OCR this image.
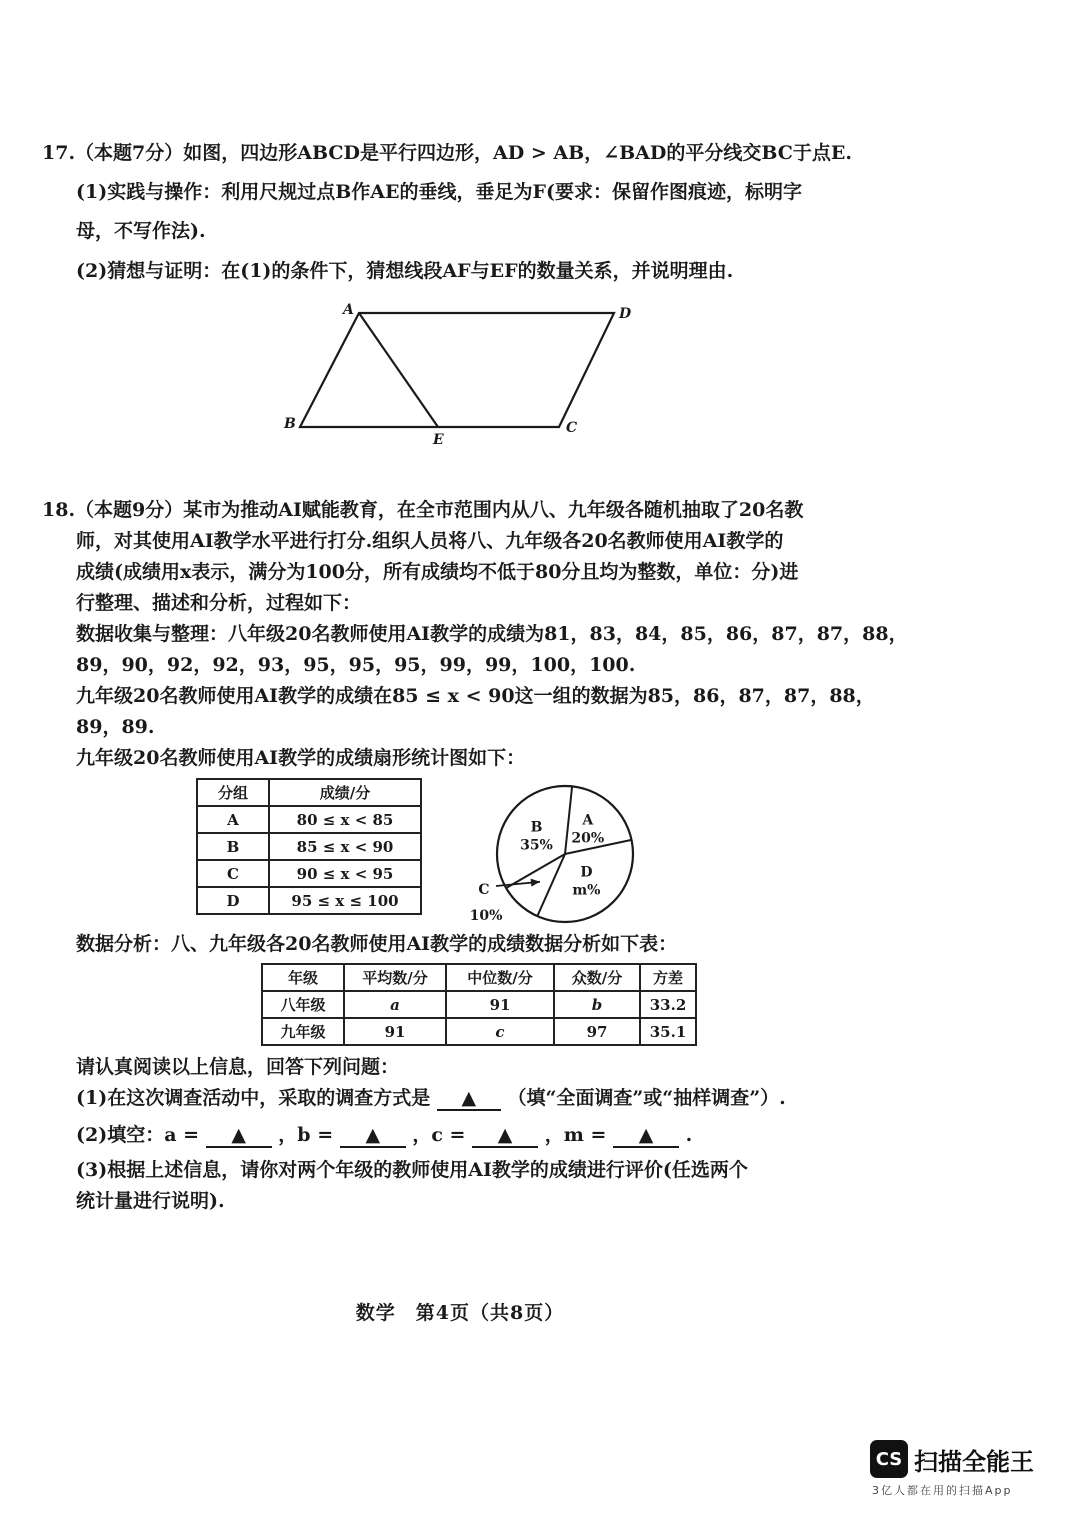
17.（本题7分）如图，四边形ABCD是平行四边形，AD > AB，∠BAD的平分线交BC于点E.
(1)实践与操作：利用尺规过点B作AE的垂线，垂足为F(要求：保留作图痕迹，标明字
母，不写作法).
(2)猜想与证明：在(1)的条件下，猜想线段AF与EF的数量关系，并说明理由.
A	D
B	C
E
18.（本题9分）某市为推动AI赋能教育，在全市范围内从八、九年级各随机抽取了20名教
师，对其使用AI教学水平进行打分.组织人员将八、九年级各20名教师使用AI教学的
成绩(成绩用x表示，满分为100分，所有成绩均不低于80分且均为整数，单位：分)进
行整理、描述和分析，过程如下：
数据收集与整理：八年级20名教师使用AI教学的成绩为81，83，84，85，86，87，87，88，
89，90，92，92，93，95，95，95，99，99，100，100.
九年级20名教师使用AI教学的成绩在85 ≤ x < 90这一组的数据为85，86，87，87，88，
89，89.
九年级20名教师使用AI教学的成绩扇形统计图如下：
分组	成绩/分
A	80 ≤ x < 85
B	85 ≤ x < 90
C	90 ≤ x < 95
D	95 ≤ x ≤ 100
A
20%
B
35%
D
m%
C
10%
数据分析：八、九年级各20名教师使用AI教学的成绩数据分析如下表：
年级	平均数/分	中位数/分	众数/分	方差
八年级	a	91	b	33.2
九年级	91	c	97	35.1
请认真阅读以上信息，回答下列问题：
(1)在这次调查活动中，采取的调查方式是 ▲ （填“全面调查”或“抽样调查”）.
(2)填空：a = ▲ ，b = ▲ ，c = ▲ ，m = ▲ .
(3)根据上述信息，请你对两个年级的教师使用AI教学的成绩进行评价(任选两个
统计量进行说明).
数学　第4页（共8页）
CS 扫描全能王
3亿人都在用的扫描App
